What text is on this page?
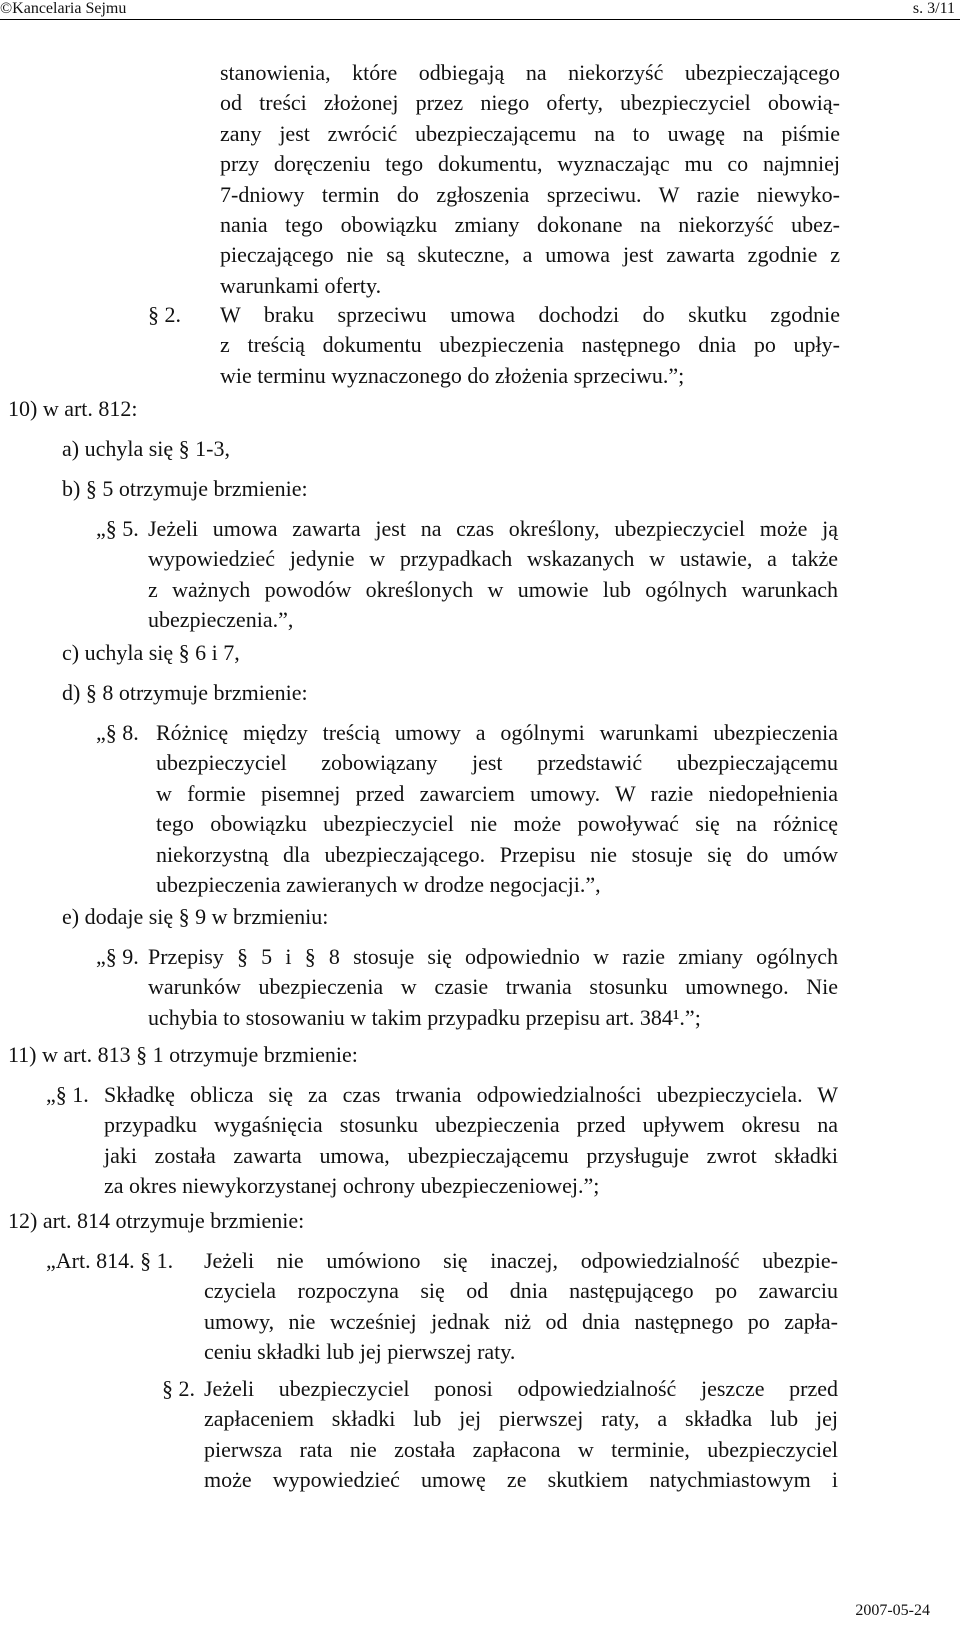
©Kancelaria Sejmu	s. 3/11
stanowienia, które odbiegają na niekorzyść ubezpieczającego
od treści złożonej przez niego oferty, ubezpieczyciel obowią-
zany jest zwrócić ubezpieczającemu na to uwagę na piśmie
przy doręczeniu tego dokumentu, wyznaczając mu co najmniej
7-dniowy termin do zgłoszenia sprzeciwu. W razie niewyko-
nania tego obowiązku zmiany dokonane na niekorzyść ubez-
pieczającego nie są skuteczne, a umowa jest zawarta zgodnie z
warunkami oferty.
§ 2. W braku sprzeciwu umowa dochodzi do skutku zgodnie
z treścią dokumentu ubezpieczenia następnego dnia po upły-
wie terminu wyznaczonego do złożenia sprzeciwu.”;
10) w art. 812:
a) uchyla się § 1-3,
b) § 5 otrzymuje brzmienie:
„§ 5. Jeżeli umowa zawarta jest na czas określony, ubezpieczyciel może ją
wypowiedzieć jedynie w przypadkach wskazanych w ustawie, a także
z ważnych powodów określonych w umowie lub ogólnych warunkach
ubezpieczenia.”,
c) uchyla się § 6 i 7,
d) § 8 otrzymuje brzmienie:
„§ 8. Różnicę między treścią umowy a ogólnymi warunkami ubezpieczenia
ubezpieczyciel zobowiązany jest przedstawić ubezpieczającemu
w formie pisemnej przed zawarciem umowy. W razie niedopełnienia
tego obowiązku ubezpieczyciel nie może powoływać się na różnicę
niekorzystną dla ubezpieczającego. Przepisu nie stosuje się do umów
ubezpieczenia zawieranych w drodze negocjacji.”,
e) dodaje się § 9 w brzmieniu:
„§ 9. Przepisy § 5 i § 8 stosuje się odpowiednio w razie zmiany ogólnych
warunków ubezpieczenia w czasie trwania stosunku umownego. Nie
uchybia to stosowaniu w takim przypadku przepisu art. 384¹.”;
11) w art. 813 § 1 otrzymuje brzmienie:
„§ 1. Składkę oblicza się za czas trwania odpowiedzialności ubezpieczyciela. W
przypadku wygaśnięcia stosunku ubezpieczenia przed upływem okresu na
jaki została zawarta umowa, ubezpieczającemu przysługuje zwrot składki
za okres niewykorzystanej ochrony ubezpieczeniowej.”;
12) art. 814 otrzymuje brzmienie:
„Art. 814. § 1. Jeżeli nie umówiono się inaczej, odpowiedzialność ubezpie-
czyciela rozpoczyna się od dnia następującego po zawarciu
umowy, nie wcześniej jednak niż od dnia następnego po zapła-
ceniu składki lub jej pierwszej raty.
§ 2. Jeżeli ubezpieczyciel ponosi odpowiedzialność jeszcze przed
zapłaceniem składki lub jej pierwszej raty, a składka lub jej
pierwsza rata nie została zapłacona w terminie, ubezpieczyciel
może wypowiedzieć umowę ze skutkiem natychmiastowym i
2007-05-24
